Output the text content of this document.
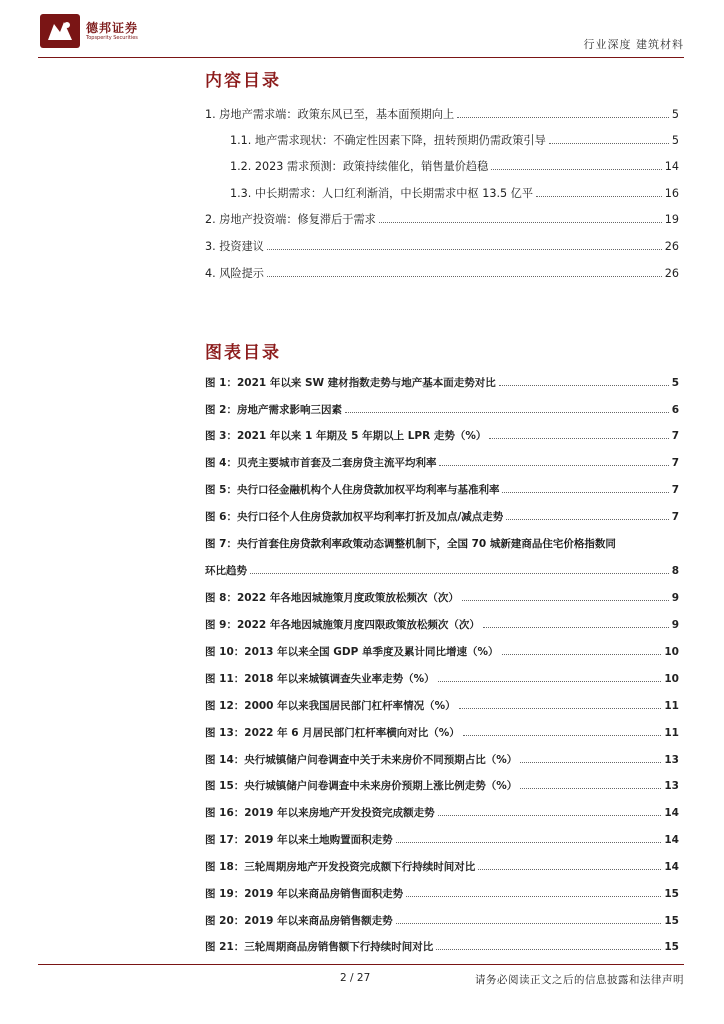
德邦证券
Topsperity Securities
行业深度 建筑材料
内容目录
1. 房地产需求端：政策东风已至，基本面预期向上	5
1.1. 地产需求现状：不确定性因素下降，扭转预期仍需政策引导	5
1.2. 2023 需求预测：政策持续催化，销售量价趋稳	14
1.3. 中长期需求：人口红利渐消，中长期需求中枢 13.5 亿平	16
2. 房地产投资端：修复滞后于需求	19
3. 投资建议	26
4. 风险提示	26
图表目录
图 1：2021 年以来 SW 建材指数走势与地产基本面走势对比	5
图 2：房地产需求影响三因素	6
图 3：2021 年以来 1 年期及 5 年期以上 LPR 走势（%）	7
图 4：贝壳主要城市首套及二套房贷主流平均利率	7
图 5：央行口径金融机构个人住房贷款加权平均利率与基准利率	7
图 6：央行口径个人住房贷款加权平均利率打折及加点/减点走势	7
图 7：央行首套住房贷款利率政策动态调整机制下，全国 70 城新建商品住宅价格指数同
环比趋势	8
图 8：2022 年各地因城施策月度政策放松频次（次）	9
图 9：2022 年各地因城施策月度四限政策放松频次（次）	9
图 10：2013 年以来全国 GDP 单季度及累计同比增速（%）	10
图 11：2018 年以来城镇调查失业率走势（%）	10
图 12：2000 年以来我国居民部门杠杆率情况（%）	11
图 13：2022 年 6 月居民部门杠杆率横向对比（%）	11
图 14：央行城镇储户问卷调查中关于未来房价不同预期占比（%）	13
图 15：央行城镇储户问卷调查中未来房价预期上涨比例走势（%）	13
图 16：2019 年以来房地产开发投资完成额走势	14
图 17：2019 年以来土地购置面积走势	14
图 18：三轮周期房地产开发投资完成额下行持续时间对比	14
图 19：2019 年以来商品房销售面积走势	15
图 20：2019 年以来商品房销售额走势	15
图 21：三轮周期商品房销售额下行持续时间对比	15
2 / 27	请务必阅读正文之后的信息披露和法律声明
